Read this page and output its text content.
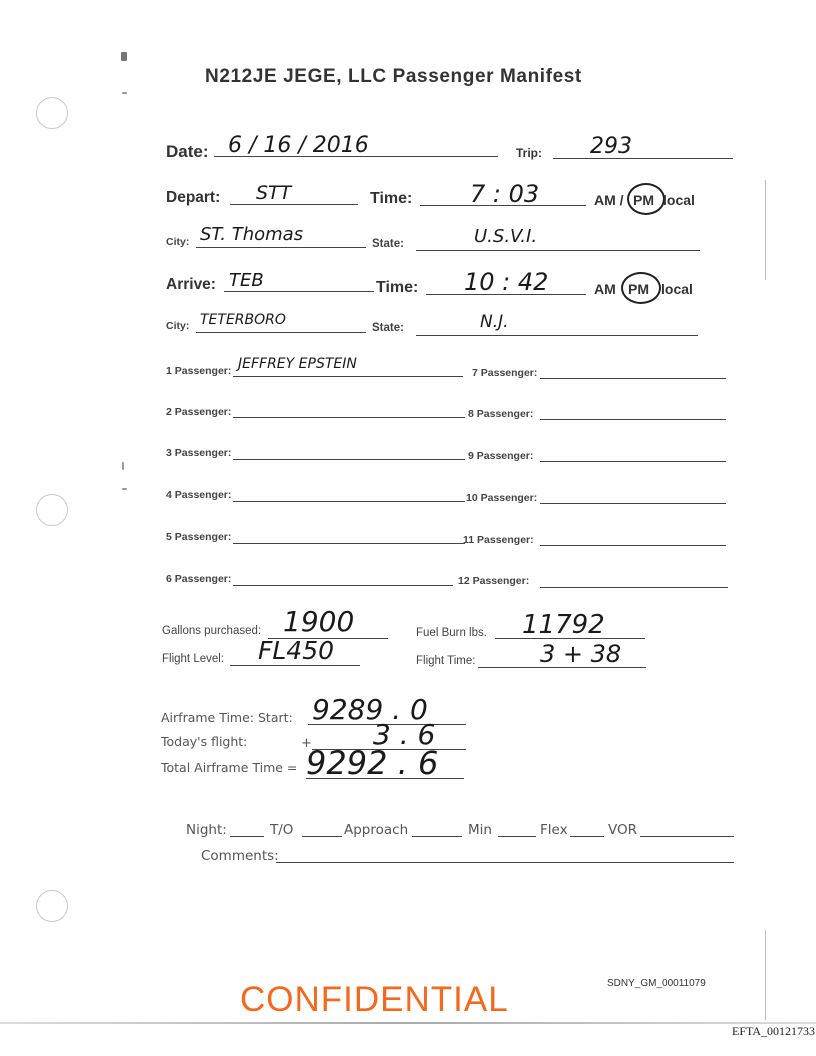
N212JE JEGE, LLC Passenger Manifest
Date: 6 / 16 / 2016	Trip: 293
Depart: STT	Time: 7 : 03	AM / PM local
City: ST. Thomas	State:	U.S.V.I.
Arrive: TEB	Time: 10 : 42	AM PM local
City: TETERBORO	State:	N.J.
1 Passenger: JEFFREY EPSTEIN
2 Passenger:
3 Passenger:
4 Passenger:
5 Passenger:
6 Passenger:
7 Passenger:
8 Passenger:
9 Passenger:
10 Passenger:
11 Passenger:
12 Passenger:
Gallons purchased: 1900	Fuel Burn lbs. 11792
Flight Level: FL450	Flight Time:	3 + 38
Airframe Time: Start: 9289 . 0
Today's flight:	+ 3 . 6
Total Airframe Time = 9292 . 6
Night:	T/O	Approach	Min	Flex	VOR
Comments:
CONFIDENTIAL	SDNY_GM_00011079
EFTA_00121733
